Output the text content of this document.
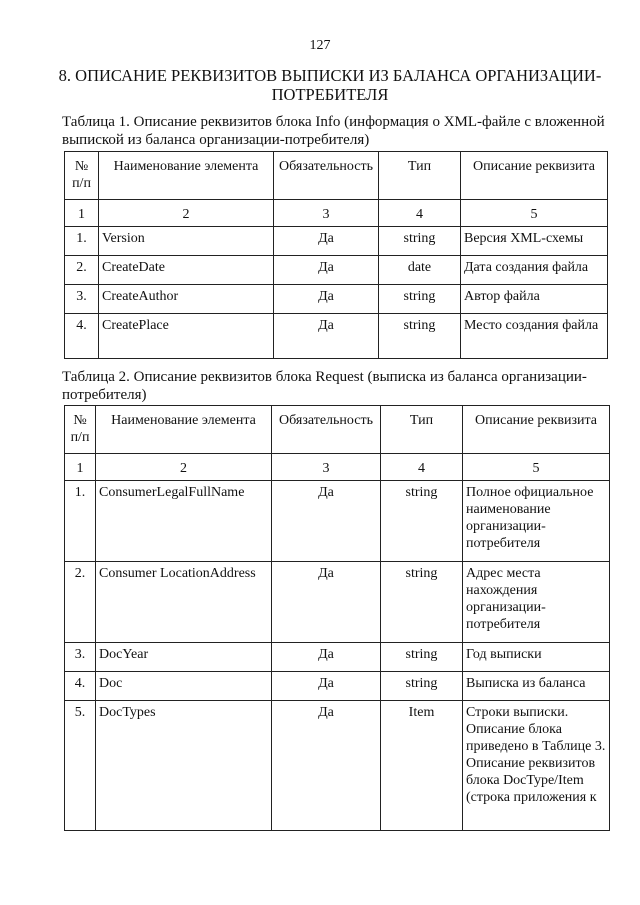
127
8. ОПИСАНИЕ РЕКВИЗИТОВ ВЫПИСКИ ИЗ БАЛАНСА ОРГАНИЗАЦИИ-
ПОТРЕБИТЕЛЯ
Таблица 1. Описание реквизитов блока Info (информация о XML-файле с вложенной
выпиской из баланса организации-потребителя)
№ п/п	Наименование элемента	Обязательность	Тип	Описание реквизита
1	2	3	4	5
1.	Version	Да	string	Версия XML-схемы
2.	CreateDate	Да	date	Дата создания файла
3.	CreateAuthor	Да	string	Автор файла
4.	CreatePlace	Да	string	Место создания файла
Таблица 2. Описание реквизитов блока Request (выписка из баланса организации-
потребителя)
№ п/п	Наименование элемента	Обязательность	Тип	Описание реквизита
1	2	3	4	5
1.	ConsumerLegalFullName	Да	string	Полное официальное наименование организации-потребителя
2.	Consumer LocationAddress	Да	string	Адрес места нахождения организации-потребителя
3.	DocYear	Да	string	Год выписки
4.	Doc	Да	string	Выписка из баланса
5.	DocTypes	Да	Item	Строки выписки. Описание блока приведено в Таблице 3. Описание реквизитов блока DocType/Item (строка приложения к
